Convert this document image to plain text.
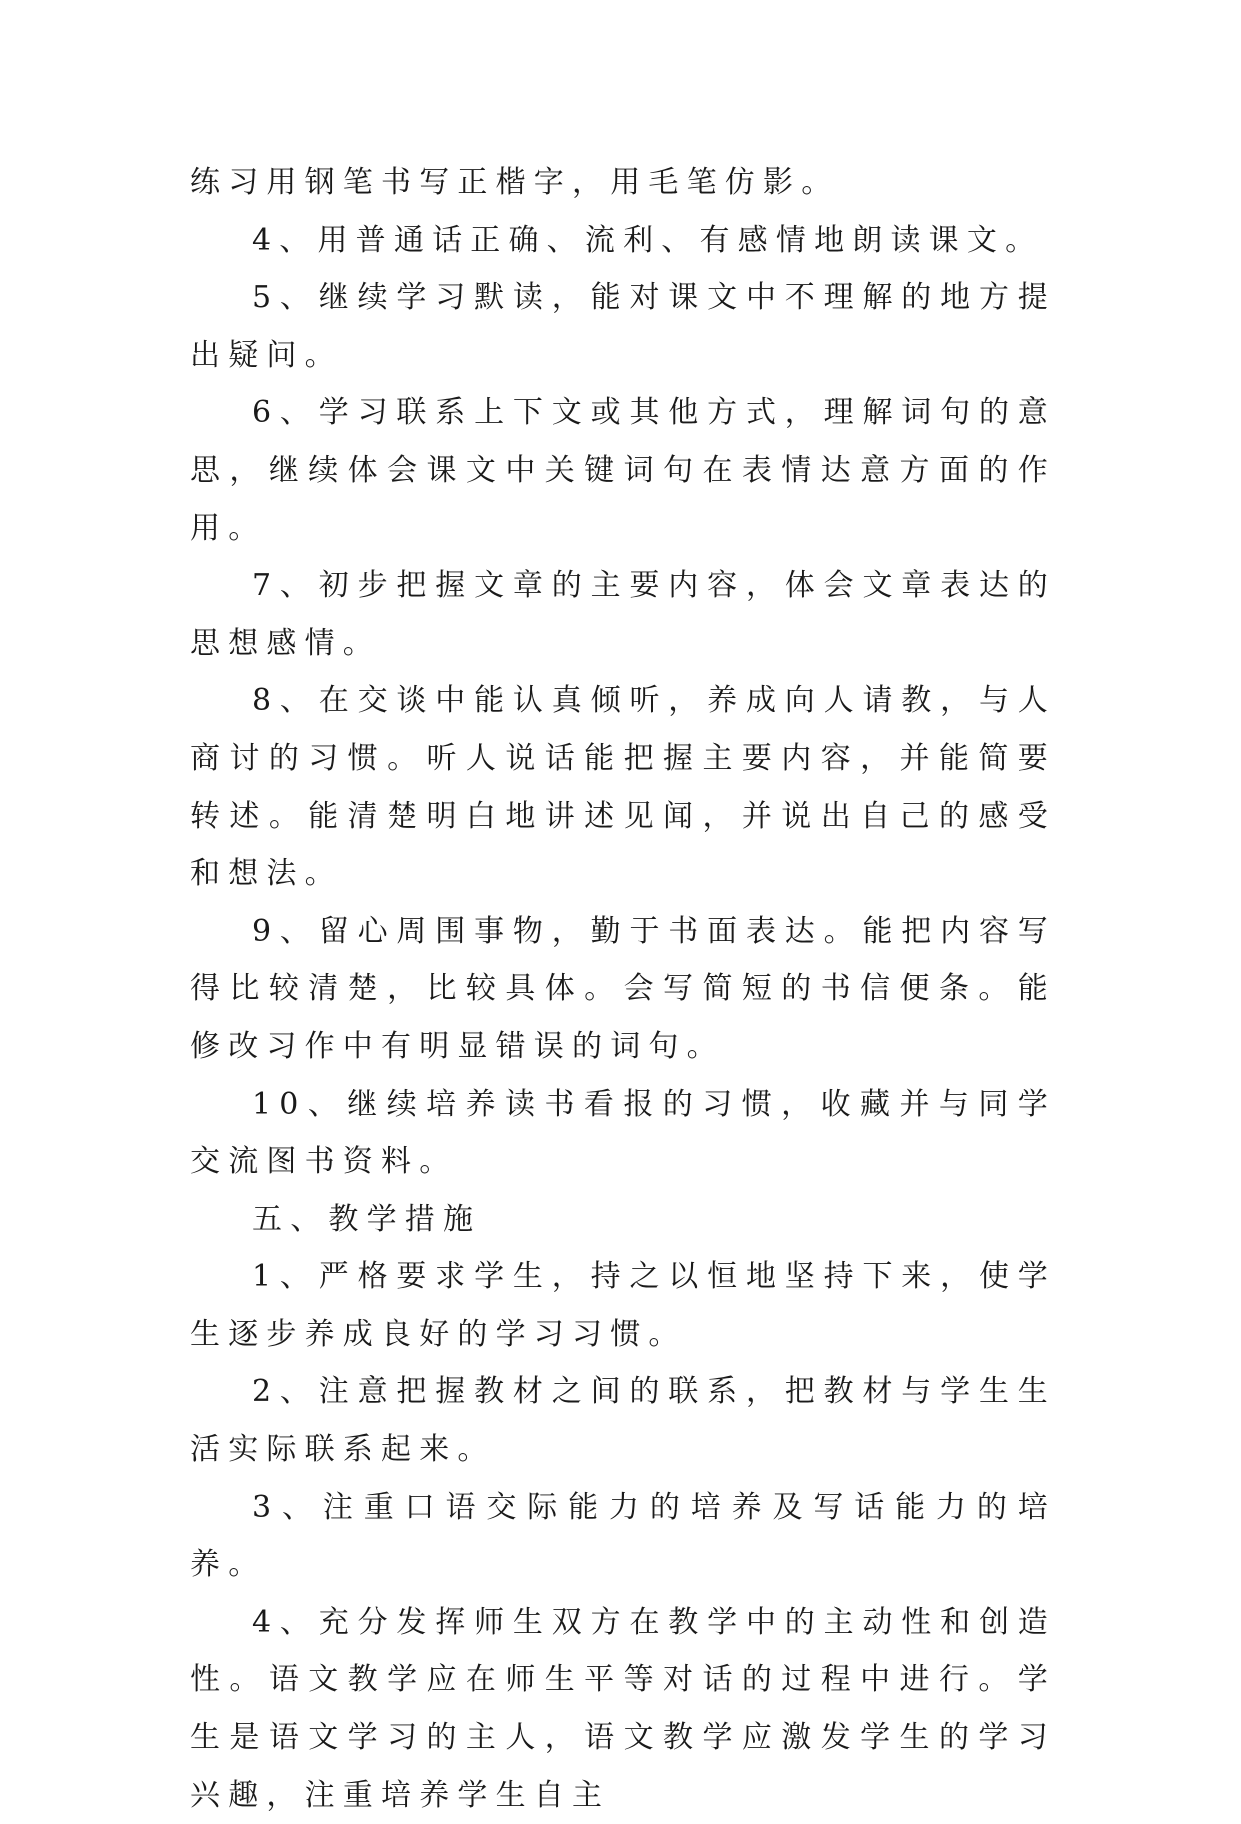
练习用钢笔书写正楷字，用毛笔仿影。

4、用普通话正确、流利、有感情地朗读课文。

5、继续学习默读，能对课文中不理解的地方提出疑问。

6、学习联系上下文或其他方式，理解词句的意思，继续体会课文中关键词句在表情达意方面的作用。

7、初步把握文章的主要内容，体会文章表达的思想感情。

8、在交谈中能认真倾听，养成向人请教，与人商讨的习惯。听人说话能把握主要内容，并能简要转述。能清楚明白地讲述见闻，并说出自己的感受和想法。

9、留心周围事物，勤于书面表达。能把内容写得比较清楚，比较具体。会写简短的书信便条。能修改习作中有明显错误的词句。

10、继续培养读书看报的习惯，收藏并与同学交流图书资料。

五、教学措施

1、严格要求学生，持之以恒地坚持下来，使学生逐步养成良好的学习习惯。

2、注意把握教材之间的联系，把教材与学生生活实际联系起来。

3、注重口语交际能力的培养及写话能力的培养。

4、充分发挥师生双方在教学中的主动性和创造性。语文教学应在师生平等对话的过程中进行。学生是语文学习的主人，语文教学应激发学生的学习兴趣，注重培养学生自主
